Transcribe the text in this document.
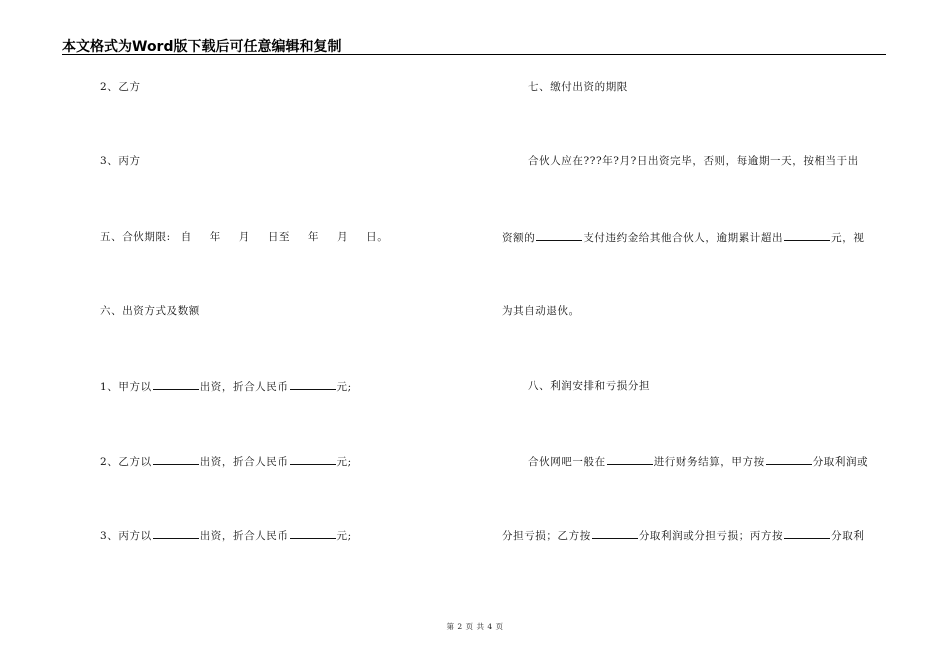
本文格式为Word版下载后可任意编辑和复制
2、乙方
3、丙方
五、合伙期限: 自 年 月 日至 年 月 日。
六、出资方式及数额
1、甲方以	出资，折合人民币	元;
2、乙方以	出资，折合人民币	元;
3、丙方以	出资，折合人民币	元;
七、缴付出资的期限
合伙人应在???年?月?日出资完毕，否则，每逾期一天，按相当于出
资额的	支付违约金给其他合伙人，逾期累计超出	元，视
为其自动退伙。
八、利润安排和亏损分担
合伙网吧一般在	进行财务结算，甲方按	分取利润或
分担亏损；乙方按	分取利润或分担亏损；丙方按	分取利
第 2 页 共 4 页
